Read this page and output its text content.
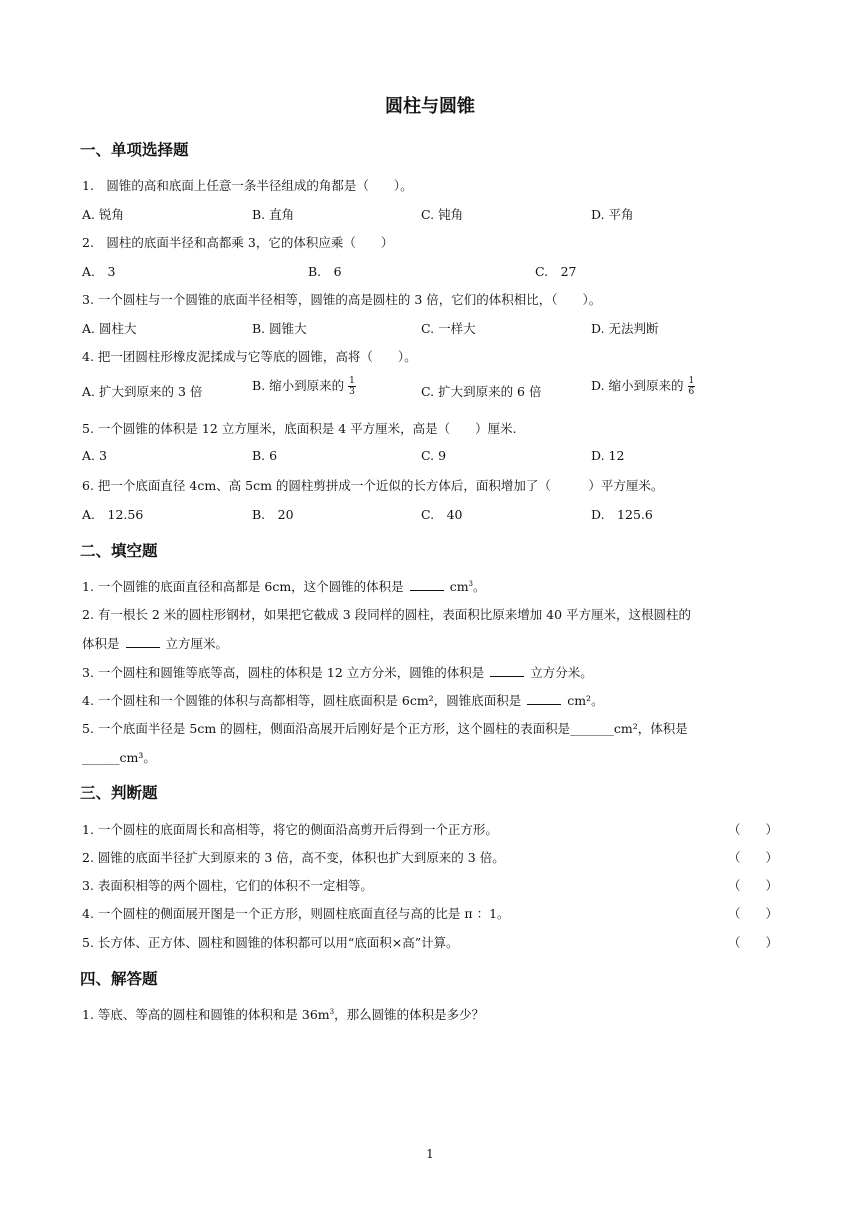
圆柱与圆锥
一、单项选择题
1.　圆锥的高和底面上任意一条半径组成的角都是（　　）。
A. 锐角	B. 直角	C. 钝角	D. 平角
2.　圆柱的底面半径和高都乘 3，它的体积应乘（　　）
A.　3	B.　6	C.　27
3. 一个圆柱与一个圆锥的底面半径相等，圆锥的高是圆柱的 3 倍，它们的体积相比，（　　）。
A. 圆柱大	B. 圆锥大	C. 一样大	D. 无法判断
4. 把一团圆柱形橡皮泥揉成与它等底的圆锥，高将（　　）。
A. 扩大到原来的 3 倍	B. 缩小到原来的 $\frac{1}{3}$	C. 扩大到原来的 6 倍	D. 缩小到原来的 $\frac{1}{6}$
5. 一个圆锥的体积是 12 立方厘米，底面积是 4 平方厘米，高是（　　）厘米.
A. 3	B. 6	C. 9	D. 12
6. 把一个底面直径 4cm、高 5cm 的圆柱剪拼成一个近似的长方体后，面积增加了（　　　）平方厘米。
A.　12.56	B.　20	C.　40	D.　125.6
二、填空题
1. 一个圆锥的底面直径和高都是 6cm，这个圆锥的体积是	$cm^3$。
2. 有一根长 2 米的圆柱形钢材，如果把它截成 3 段同样的圆柱，表面积比原来增加 40 平方厘米，这根圆柱的
体积是	立方厘米。
3. 一个圆柱和圆锥等底等高，圆柱的体积是 12 立方分米，圆锥的体积是	立方分米。
4. 一个圆柱和一个圆锥的体积与高都相等，圆柱底面积是 6cm²，圆锥底面积是	cm²。
5. 一个底面半径是 5cm 的圆柱，侧面沿高展开后刚好是个正方形，这个圆柱的表面积是_______cm²，体积是
______cm³。
三、判断题
1. 一个圆柱的底面周长和高相等，将它的侧面沿高剪开后得到一个正方形。	（　　）
2. 圆锥的底面半径扩大到原来的 3 倍，高不变，体积也扩大到原来的 3 倍。	（　　）
3. 表面积相等的两个圆柱，它们的体积不一定相等。	（　　）
4. 一个圆柱的侧面展开图是一个正方形，则圆柱底面直径与高的比是 π ：1。	（　　）
5. 长方体、正方体、圆柱和圆锥的体积都可以用“底面积×高”计算。	（　　）
四、解答题
1. 等底、等高的圆柱和圆锥的体积和是 $36m^3$，那么圆锥的体积是多少？
1
